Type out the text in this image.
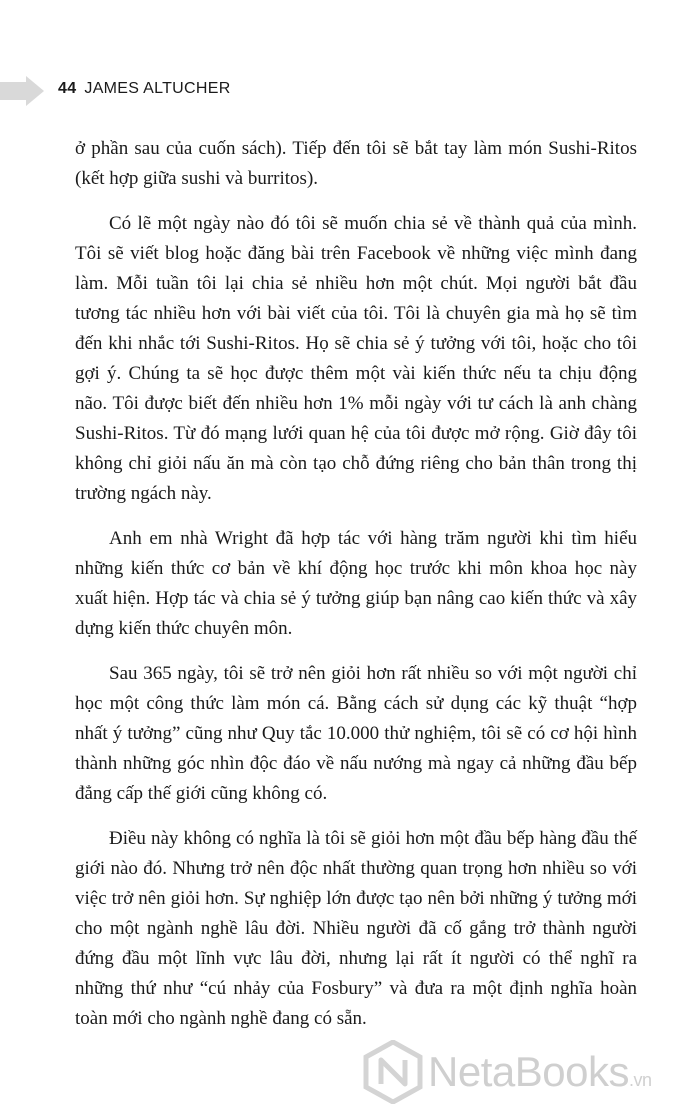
44 JAMES ALTUCHER

ở phần sau của cuốn sách). Tiếp đến tôi sẽ bắt tay làm món Sushi-Ritos (kết hợp giữa sushi và burritos).

Có lẽ một ngày nào đó tôi sẽ muốn chia sẻ về thành quả của mình. Tôi sẽ viết blog hoặc đăng bài trên Facebook về những việc mình đang làm. Mỗi tuần tôi lại chia sẻ nhiều hơn một chút. Mọi người bắt đầu tương tác nhiều hơn với bài viết của tôi. Tôi là chuyên gia mà họ sẽ tìm đến khi nhắc tới Sushi-Ritos. Họ sẽ chia sẻ ý tưởng với tôi, hoặc cho tôi gợi ý. Chúng ta sẽ học được thêm một vài kiến thức nếu ta chịu động não. Tôi được biết đến nhiều hơn 1% mỗi ngày với tư cách là anh chàng Sushi-Ritos. Từ đó mạng lưới quan hệ của tôi được mở rộng. Giờ đây tôi không chỉ giỏi nấu ăn mà còn tạo chỗ đứng riêng cho bản thân trong thị trường ngách này.

Anh em nhà Wright đã hợp tác với hàng trăm người khi tìm hiểu những kiến thức cơ bản về khí động học trước khi môn khoa học này xuất hiện. Hợp tác và chia sẻ ý tưởng giúp bạn nâng cao kiến thức và xây dựng kiến thức chuyên môn.

Sau 365 ngày, tôi sẽ trở nên giỏi hơn rất nhiều so với một người chỉ học một công thức làm món cá. Bằng cách sử dụng các kỹ thuật “hợp nhất ý tưởng” cũng như Quy tắc 10.000 thử nghiệm, tôi sẽ có cơ hội hình thành những góc nhìn độc đáo về nấu nướng mà ngay cả những đầu bếp đẳng cấp thế giới cũng không có.

Điều này không có nghĩa là tôi sẽ giỏi hơn một đầu bếp hàng đầu thế giới nào đó. Nhưng trở nên độc nhất thường quan trọng hơn nhiều so với việc trở nên giỏi hơn. Sự nghiệp lớn được tạo nên bởi những ý tưởng mới cho một ngành nghề lâu đời. Nhiều người đã cố gắng trở thành người đứng đầu một lĩnh vực lâu đời, nhưng lại rất ít người có thể nghĩ ra những thứ như “cú nhảy của Fosbury” và đưa ra một định nghĩa hoàn toàn mới cho ngành nghề đang có sẵn.

NetaBooks.vn
